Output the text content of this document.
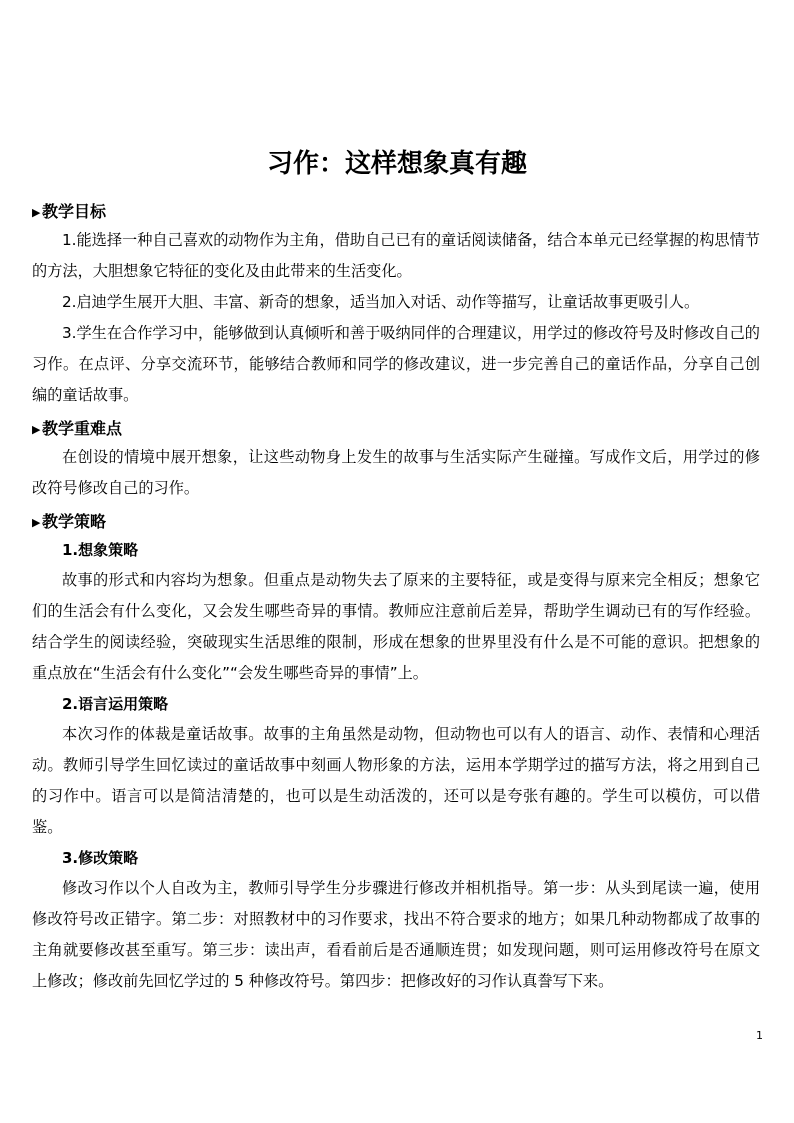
习作：这样想象真有趣
▶教学目标

1.能选择一种自己喜欢的动物作为主角，借助自己已有的童话阅读储备，结合本单元已经掌握的构思情节的方法，大胆想象它特征的变化及由此带来的生活变化。

2.启迪学生展开大胆、丰富、新奇的想象，适当加入对话、动作等描写，让童话故事更吸引人。

3.学生在合作学习中，能够做到认真倾听和善于吸纳同伴的合理建议，用学过的修改符号及时修改自己的习作。在点评、分享交流环节，能够结合教师和同学的修改建议，进一步完善自己的童话作品，分享自己创编的童话故事。

▶教学重难点

在创设的情境中展开想象，让这些动物身上发生的故事与生活实际产生碰撞。写成作文后，用学过的修改符号修改自己的习作。

▶教学策略
1.想象策略

故事的形式和内容均为想象。但重点是动物失去了原来的主要特征，或是变得与原来完全相反；想象它们的生活会有什么变化，又会发生哪些奇异的事情。教师应注意前后差异，帮助学生调动已有的写作经验。结合学生的阅读经验，突破现实生活思维的限制，形成在想象的世界里没有什么是不可能的意识。把想象的重点放在“生活会有什么变化”“会发生哪些奇异的事情”上。

2.语言运用策略

本次习作的体裁是童话故事。故事的主角虽然是动物，但动物也可以有人的语言、动作、表情和心理活动。教师引导学生回忆读过的童话故事中刻画人物形象的方法，运用本学期学过的描写方法，将之用到自己的习作中。语言可以是简洁清楚的，也可以是生动活泼的，还可以是夸张有趣的。学生可以模仿，可以借鉴。

3.修改策略

修改习作以个人自改为主，教师引导学生分步骤进行修改并相机指导。第一步：从头到尾读一遍，使用修改符号改正错字。第二步：对照教材中的习作要求，找出不符合要求的地方；如果几种动物都成了故事的主角就要修改甚至重写。第三步：读出声，看看前后是否通顺连贯；如发现问题，则可运用修改符号在原文上修改；修改前先回忆学过的 5 种修改符号。第四步：把修改好的习作认真誊写下来。

1
